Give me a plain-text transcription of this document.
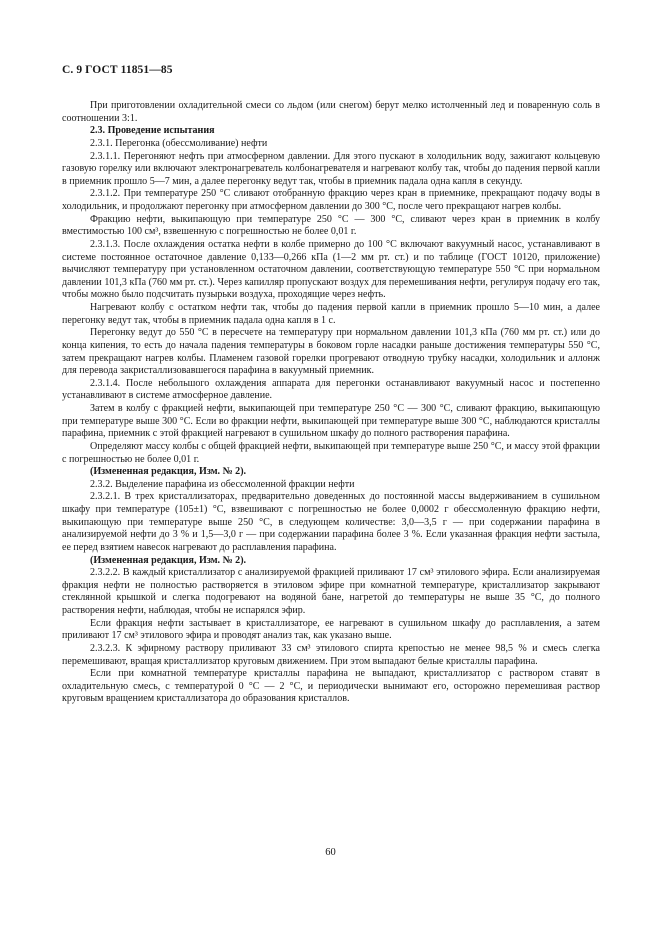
С. 9 ГОСТ 11851—85

При приготовлении охладительной смеси со льдом (или снегом) берут мелко истолченный лед и поваренную соль в соотношении 3:1.

2.3. Проведение испытания

2.3.1. Перегонка (обессмоливание) нефти

2.3.1.1. Перегоняют нефть при атмосферном давлении. Для этого пускают в холодильник воду, зажигают кольцевую газовую горелку или включают электронагреватель колбонагревателя и нагревают колбу так, чтобы до падения первой капли в приемник прошло 5—7 мин, а далее перегонку ведут так, чтобы в приемник падала одна капля в секунду.

2.3.1.2. При температуре 250 °С сливают отобранную фракцию через кран в приемнике, прекращают подачу воды в холодильник, и продолжают перегонку при атмосферном давлении до 300 °С, после чего прекращают нагрев колбы.

Фракцию нефти, выкипающую при температуре 250 °С — 300 °С, сливают через кран в приемник в колбу вместимостью 100 см³, взвешенную с погрешностью не более 0,01 г.

2.3.1.3. После охлаждения остатка нефти в колбе примерно до 100 °С включают вакуумный насос, устанавливают в системе постоянное остаточное давление 0,133—0,266 кПа (1—2 мм рт. ст.) и по таблице (ГОСТ 10120, приложение) вычисляют температуру при установленном остаточном давлении, соответствующую температуре 550 °С при нормальном давлении 101,3 кПа (760 мм рт. ст.). Через капилляр пропускают воздух для перемешивания нефти, регулируя подачу его так, чтобы можно было подсчитать пузырьки воздуха, проходящие через нефть.

Нагревают колбу с остатком нефти так, чтобы до падения первой капли в приемник прошло 5—10 мин, а далее перегонку ведут так, чтобы в приемник падала одна капля в 1 с.

Перегонку ведут до 550 °С в пересчете на температуру при нормальном давлении 101,3 кПа (760 мм рт. ст.) или до конца кипения, то есть до начала падения температуры в боковом горле насадки раньше достижения температуры 550 °С, затем прекращают нагрев колбы. Пламенем газовой горелки прогревают отводную трубку насадки, холодильник и аллонж для перевода закристаллизовавшегося парафина в вакуумный приемник.

2.3.1.4. После небольшого охлаждения аппарата для перегонки останавливают вакуумный насос и постепенно устанавливают в системе атмосферное давление.

Затем в колбу с фракцией нефти, выкипающей при температуре 250 °С — 300 °С, сливают фракцию, выкипающую при температуре выше 300 °С. Если во фракции нефти, выкипающей при температуре выше 300 °С, наблюдаются кристаллы парафина, приемник с этой фракцией нагревают в сушильном шкафу до полного растворения парафина.

Определяют массу колбы с общей фракцией нефти, выкипающей при температуре выше 250 °С, и массу этой фракции с погрешностью не более 0,01 г.

(Измененная редакция, Изм. № 2).

2.3.2. Выделение парафина из обессмоленной фракции нефти

2.3.2.1. В трех кристаллизаторах, предварительно доведенных до постоянной массы выдерживанием в сушильном шкафу при температуре (105±1) °С, взвешивают с погрешностью не более 0,0002 г обессмоленную фракцию нефти, выкипающую при температуре выше 250 °С, в следующем количестве: 3,0—3,5 г — при содержании парафина в анализируемой нефти до 3 % и 1,5—3,0 г — при содержании парафина более 3 %. Если указанная фракция нефти застыла, ее перед взятием навесок нагревают до расплавления парафина.

(Измененная редакция, Изм. № 2).

2.3.2.2. В каждый кристаллизатор с анализируемой фракцией приливают 17 см³ этилового эфира. Если анализируемая фракция нефти не полностью растворяется в этиловом эфире при комнатной температуре, кристаллизатор закрывают стеклянной крышкой и слегка подогревают на водяной бане, нагретой до температуры не выше 35 °С, до полного растворения нефти, наблюдая, чтобы не испарялся эфир.

Если фракция нефти застывает в кристаллизаторе, ее нагревают в сушильном шкафу до расплавления, а затем приливают 17 см³ этилового эфира и проводят анализ так, как указано выше.

2.3.2.3. К эфирному раствору приливают 33 см³ этилового спирта крепостью не менее 98,5 % и смесь слегка перемешивают, вращая кристаллизатор круговым движением. При этом выпадают белые кристаллы парафина.

Если при комнатной температуре кристаллы парафина не выпадают, кристаллизатор с раствором ставят в охладительную смесь, с температурой 0 °С — 2 °С, и периодически вынимают его, осторожно перемешивая раствор круговым вращением кристаллизатора до образования кристаллов.

60
